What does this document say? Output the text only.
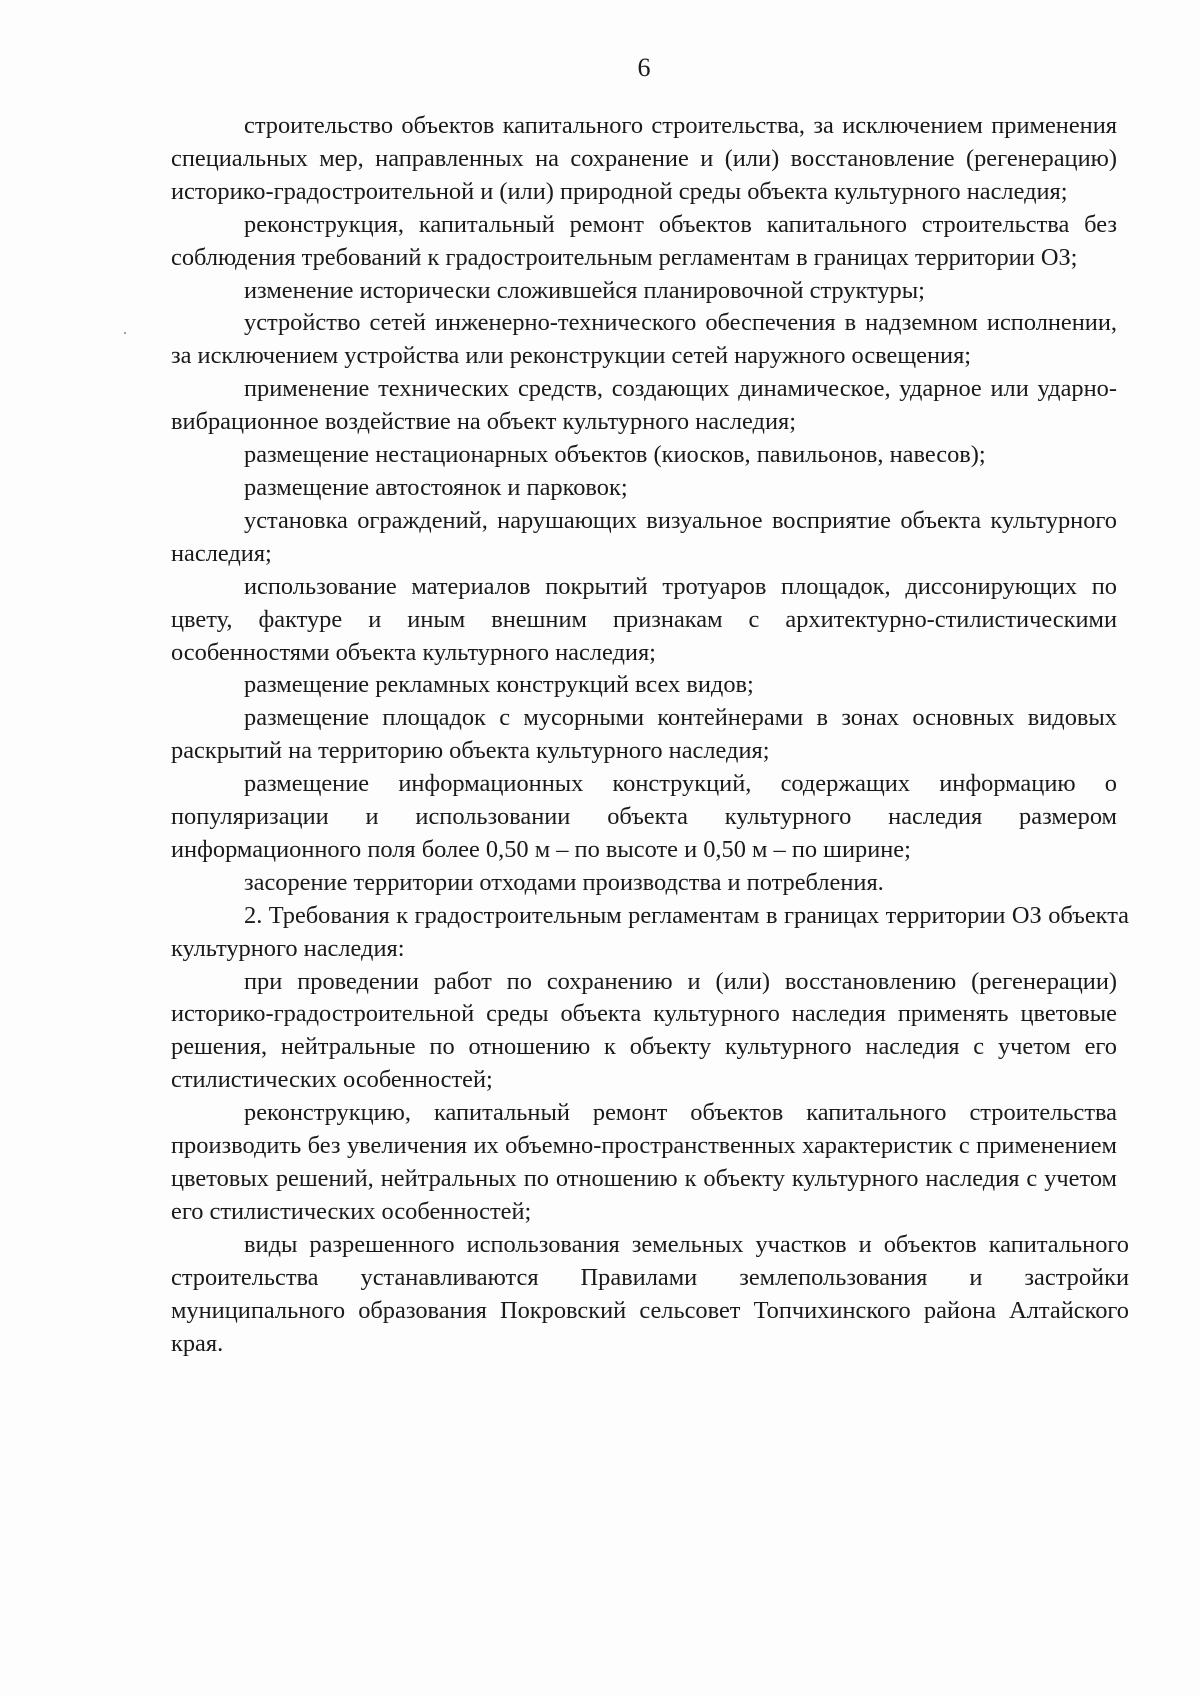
6

строительство объектов капитального строительства, за исключением применения специальных мер, направленных на сохранение и (или) восстановление (регенерацию) историко-градостроительной и (или) природной среды объекта культурного наследия;

реконструкция, капитальный ремонт объектов капитального строительства без соблюдения требований к градостроительным регламентам в границах территории ОЗ;

изменение исторически сложившейся планировочной структуры;

устройство сетей инженерно-технического обеспечения в надземном исполнении, за исключением устройства или реконструкции сетей наружного освещения;

применение технических средств, создающих динамическое, ударное или ударно-вибрационное воздействие на объект культурного наследия;

размещение нестационарных объектов (киосков, павильонов, навесов);

размещение автостоянок и парковок;

установка ограждений, нарушающих визуальное восприятие объекта культурного наследия;

использование материалов покрытий тротуаров площадок, диссонирующих по цвету, фактуре и иным внешним признакам с архитектурно-стилистическими особенностями объекта культурного наследия;

размещение рекламных конструкций всех видов;

размещение площадок с мусорными контейнерами в зонах основных видовых раскрытий на территорию объекта культурного наследия;

размещение информационных конструкций, содержащих информацию о популяризации и использовании объекта культурного наследия размером информационного поля более 0,50 м – по высоте и 0,50 м – по ширине;

засорение территории отходами производства и потребления.

2. Требования к градостроительным регламентам в границах территории ОЗ объекта культурного наследия:

при проведении работ по сохранению и (или) восстановлению (регенерации) историко-градостроительной среды объекта культурного наследия применять цветовые решения, нейтральные по отношению к объекту культурного наследия с учетом его стилистических особенностей;

реконструкцию, капитальный ремонт объектов капитального строительства производить без увеличения их объемно-пространственных характеристик с применением цветовых решений, нейтральных по отношению к объекту культурного наследия с учетом его стилистических особенностей;

виды разрешенного использования земельных участков и объектов капитального строительства устанавливаются Правилами землепользования и застройки муниципального образования Покровский сельсовет Топчихинского района Алтайского края.
